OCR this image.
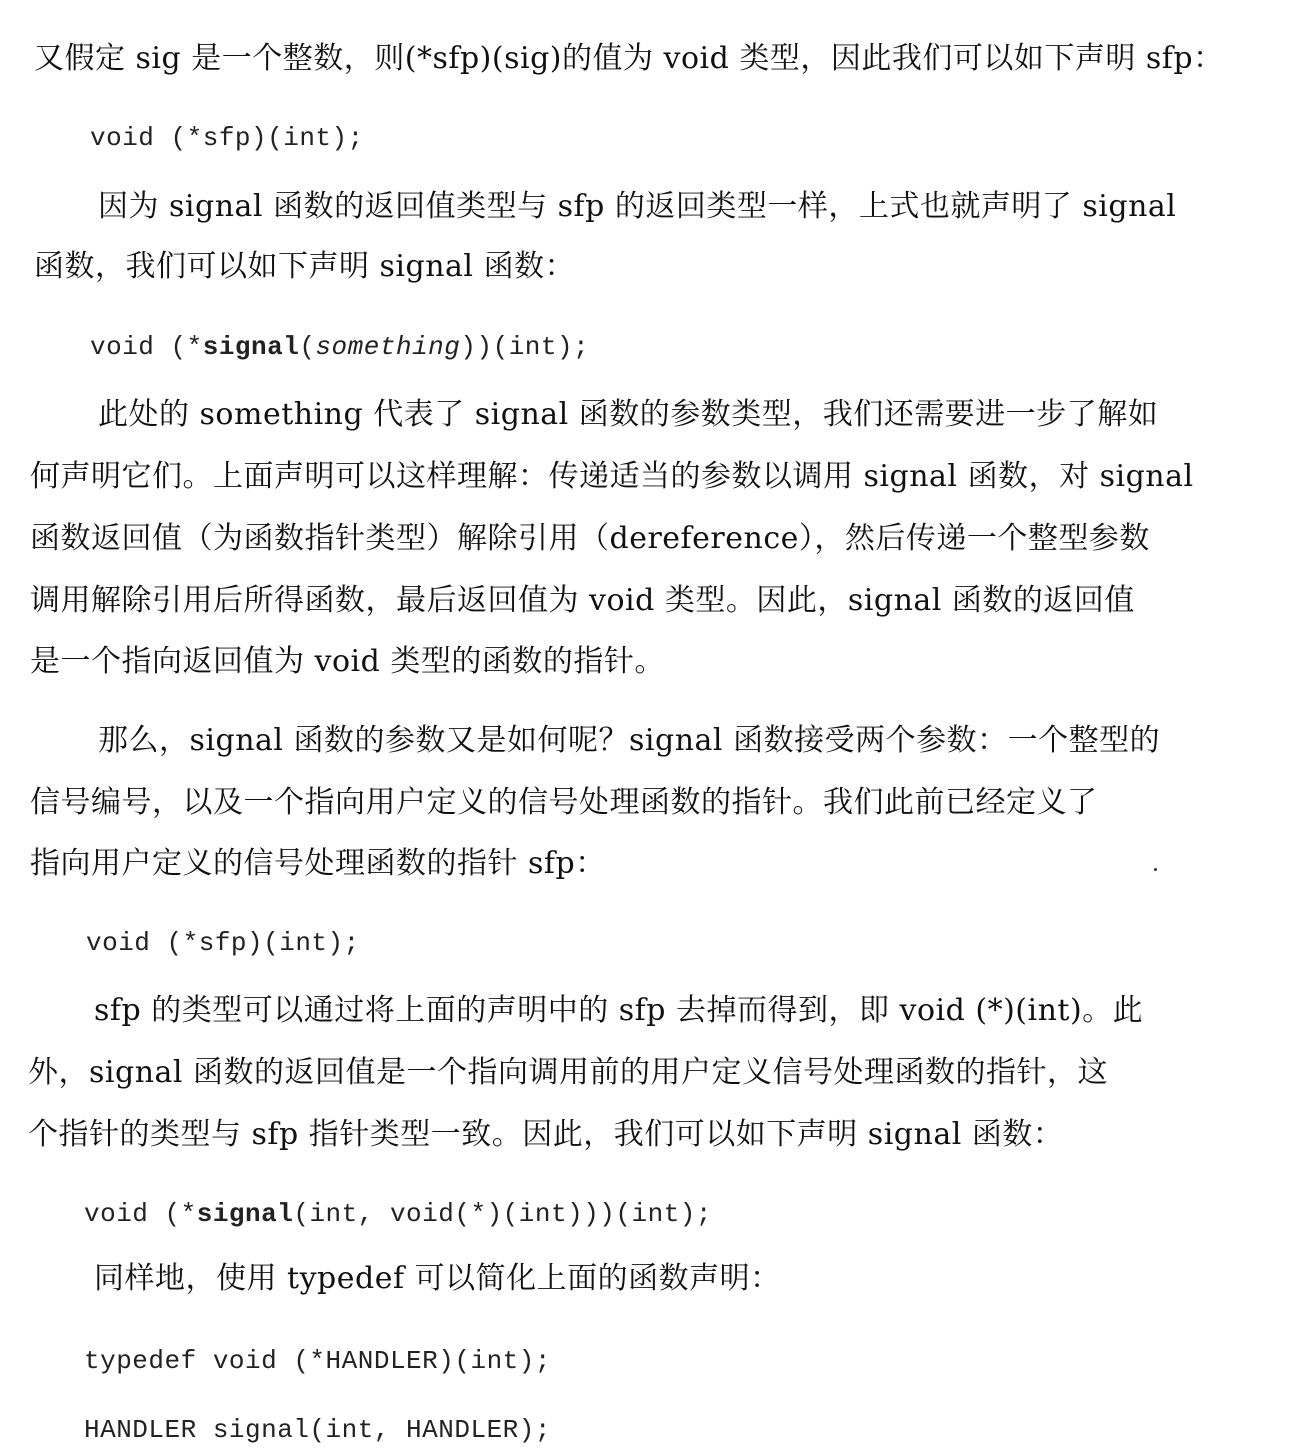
又假定 sig 是一个整数，则(*sfp)(sig)的值为 void 类型，因此我们可以如下声明 sfp：
void (*sfp)(int);
因为 signal 函数的返回值类型与 sfp 的返回类型一样，上式也就声明了 signal
函数，我们可以如下声明 signal 函数：
void (*signal(something))(int);
此处的 something 代表了 signal 函数的参数类型，我们还需要进一步了解如
何声明它们。上面声明可以这样理解：传递适当的参数以调用 signal 函数，对 signal
函数返回值（为函数指针类型）解除引用（dereference），然后传递一个整型参数
调用解除引用后所得函数，最后返回值为 void 类型。因此，signal 函数的返回值
是一个指向返回值为 void 类型的函数的指针。
那么，signal 函数的参数又是如何呢？signal 函数接受两个参数：一个整型的
信号编号，以及一个指向用户定义的信号处理函数的指针。我们此前已经定义了
指向用户定义的信号处理函数的指针 sfp：
void (*sfp)(int);
sfp 的类型可以通过将上面的声明中的 sfp 去掉而得到，即 void (*)(int)。此
外，signal 函数的返回值是一个指向调用前的用户定义信号处理函数的指针，这
个指针的类型与 sfp 指针类型一致。因此，我们可以如下声明 signal 函数：
void (*signal(int, void(*)(int)))(int);
同样地，使用 typedef 可以简化上面的函数声明：
typedef void (*HANDLER)(int);
HANDLER signal(int, HANDLER);
